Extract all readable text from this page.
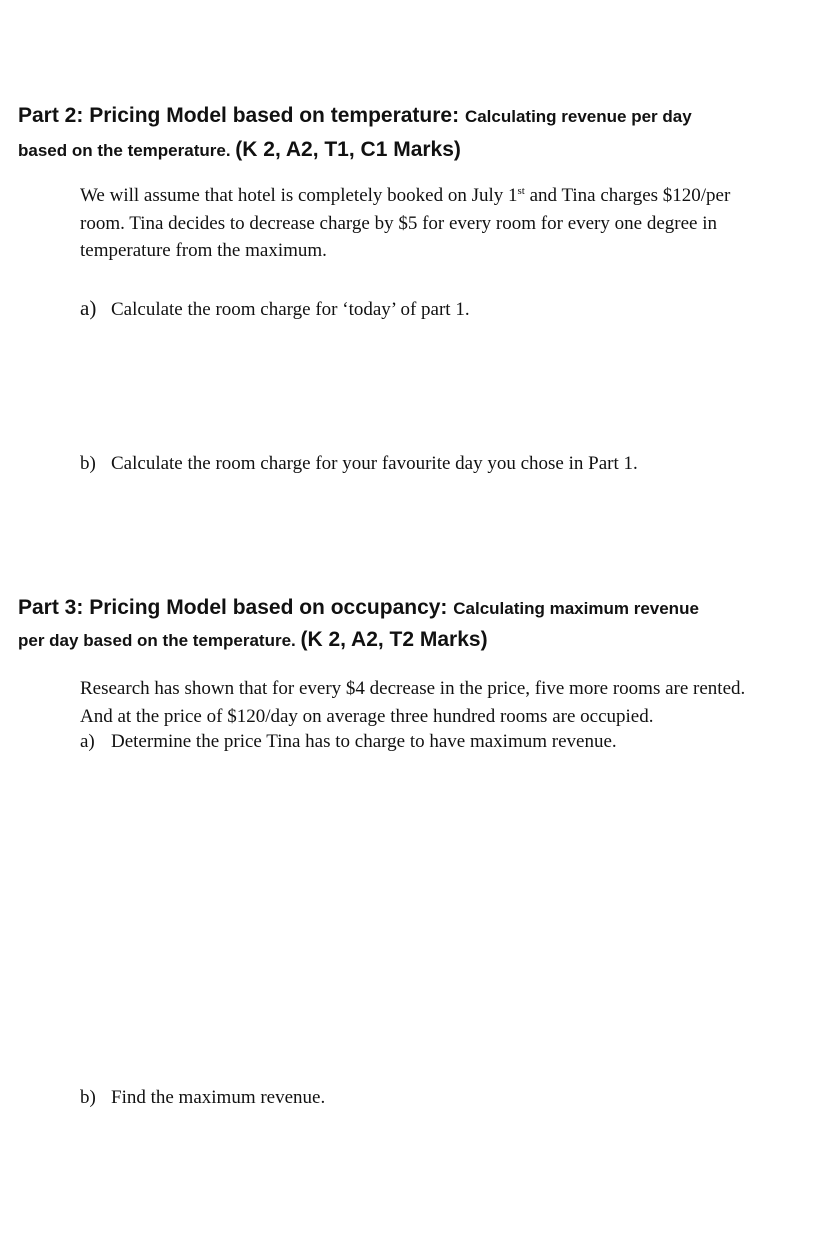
Part 2: Pricing Model based on temperature: Calculating revenue per day
based on the temperature. (K 2, A2, T1, C1 Marks)
We will assume that hotel is completely booked on July 1st and Tina charges $120/per
room. Tina decides to decrease charge by $5 for every room for every one degree in
temperature from the maximum.
a) Calculate the room charge for ‘today’ of part 1.
b) Calculate the room charge for your favourite day you chose in Part 1.
Part 3: Pricing Model based on occupancy: Calculating maximum revenue
per day based on the temperature. (K 2, A2, T2 Marks)
Research has shown that for every $4 decrease in the price, five more rooms are rented.
And at the price of $120/day on average three hundred rooms are occupied.
a) Determine the price Tina has to charge to have maximum revenue.
b) Find the maximum revenue.
